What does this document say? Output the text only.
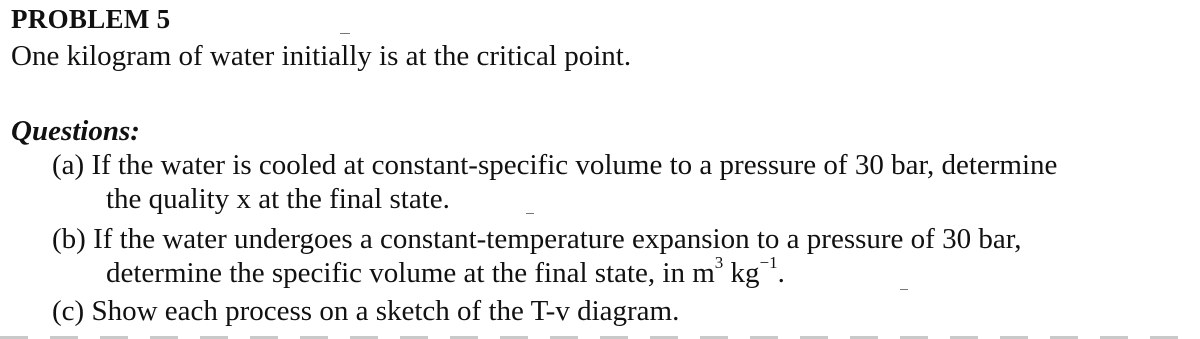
PROBLEM 5
One kilogram of water initially is at the critical point.
Questions:
(a) If the water is cooled at constant-specific volume to a pressure of 30 bar, determine
the quality x at the final state.
(b) If the water undergoes a constant-temperature expansion to a pressure of 30 bar,
determine the specific volume at the final state, in $m^3$ $kg^{-1}$.
(c) Show each process on a sketch of the T-v diagram.
